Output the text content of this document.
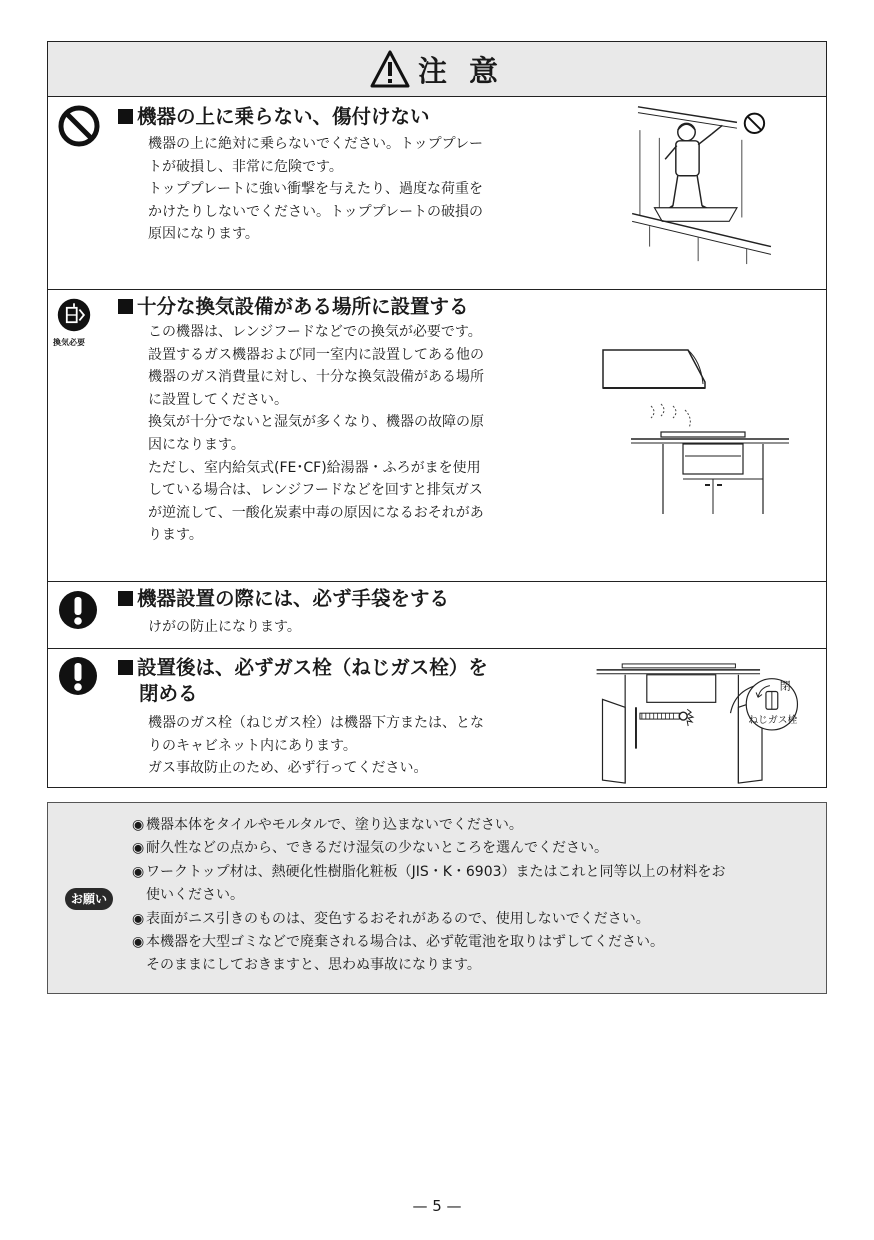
注 意
機器の上に乗らない、傷付けない

機器の上に絶対に乗らないでください。トッププレー

トが破損し、非常に危険です。

トッププレートに強い衝撃を与えたり、過度な荷重を

かけたりしないでください。トッププレートの破損の

原因になります。

換気必要
十分な換気設備がある場所に設置する

この機器は、レンジフードなどでの換気が必要です。

設置するガス機器および同一室内に設置してある他の

機器のガス消費量に対し、十分な換気設備がある場所

に設置してください。

換気が十分でないと湿気が多くなり、機器の故障の原

因になります。

ただし、室内給気式(FE･CF)給湯器・ふろがまを使用

している場合は、レンジフードなどを回すと排気ガス

が逆流して、一酸化炭素中毒の原因になるおそれがあ

ります。

機器設置の際には、必ず手袋をする

けがの防止になります。

設置後は、必ずガス栓（ねじガス栓）を
閉める

機器のガス栓（ねじガス栓）は機器下方または、とな

りのキャビネット内にあります。

ガス事故防止のため、必ず行ってください。

閉
ねじガス栓
お願い
◉ 機器本体をタイルやモルタルで、塗り込まないでください。
◉ 耐久性などの点から、できるだけ湿気の少ないところを選んでください。
◉ ワークトップ材は、熱硬化性樹脂化粧板（JIS・K・6903）またはこれと同等以上の材料をお
使いください。
◉ 表面がニス引きのものは、変色するおそれがあるので、使用しないでください。
◉ 本機器を大型ゴミなどで廃棄される場合は、必ず乾電池を取りはずしてください。
そのままにしておきますと、思わぬ事故になります。
— 5 —
